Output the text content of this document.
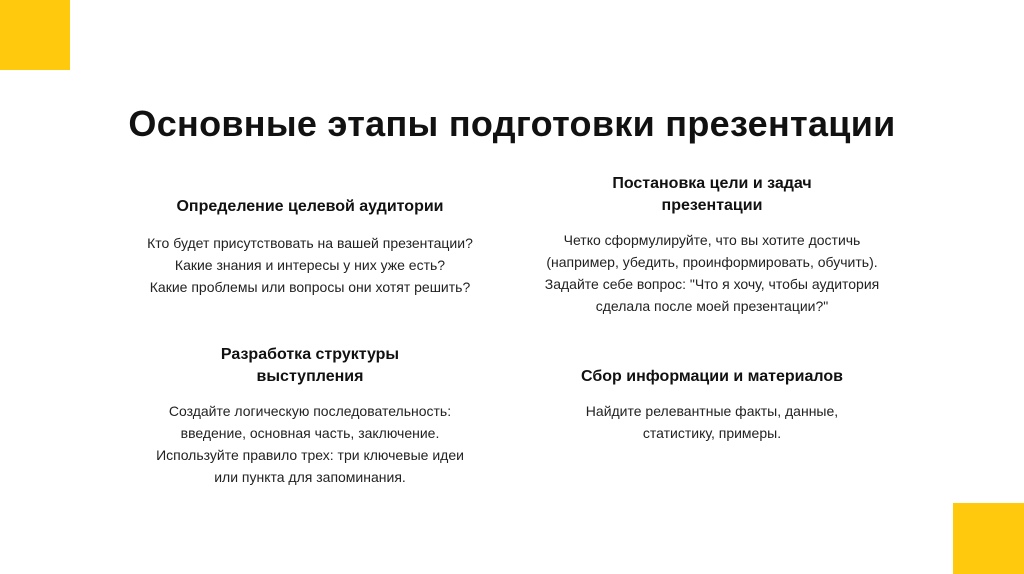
Основные этапы подготовки презентации

Определение целевой аудитории

Кто будет присутствовать на вашей презентации?
Какие знания и интересы у них уже есть?
Какие проблемы или вопросы они хотят решить?

Постановка цели и задач
презентации

Четко сформулируйте, что вы хотите достичь
(например, убедить, проинформировать, обучить).
Задайте себе вопрос: "Что я хочу, чтобы аудитория
сделала после моей презентации?"

Разработка структуры
выступления

Создайте логическую последовательность:
введение, основная часть, заключение.
Используйте правило трех: три ключевые идеи
или пункта для запоминания.

Сбор информации и материалов

Найдите релевантные факты, данные,
статистику, примеры.
